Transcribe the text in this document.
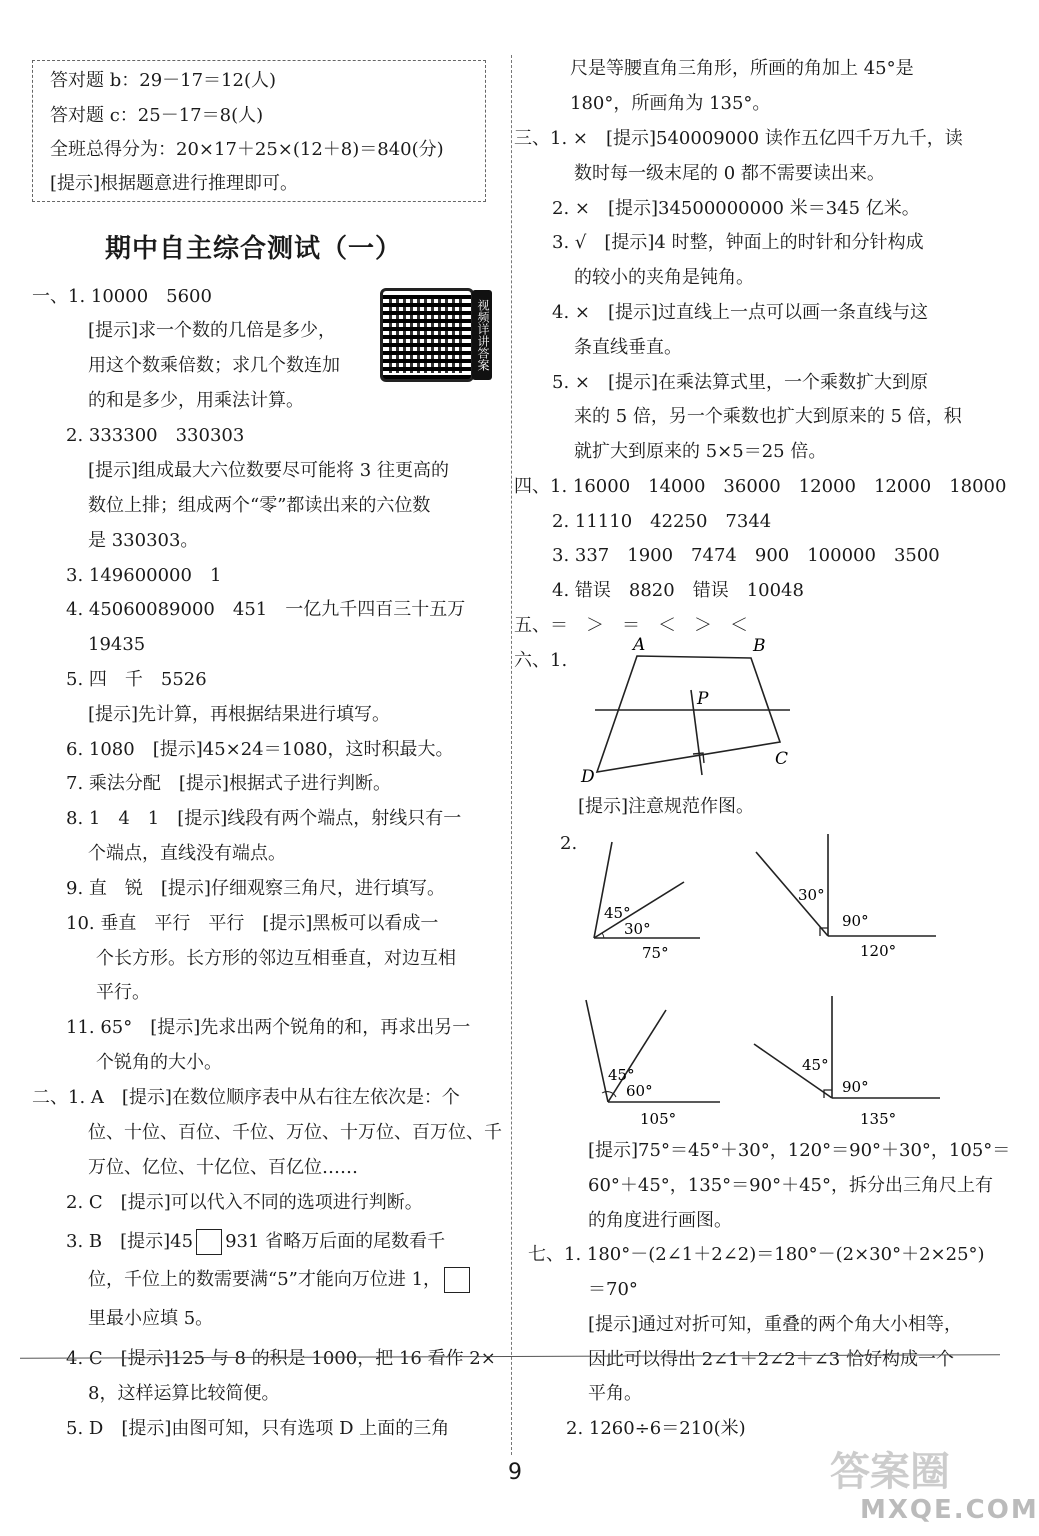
答对题 b：29－17＝12(人)
答对题 c：25－17＝8(人)
全班总得分为：20×17＋25×(12＋8)＝840(分)
[提示]根据题意进行推理即可。
期中自主综合测试（一）
视频详讲答案
一、1. 10000　5600
[提示]求一个数的几倍是多少，
用这个数乘倍数；求几个数连加
的和是多少，用乘法计算。
2. 333300　330303
[提示]组成最大六位数要尽可能将 3 往更高的
数位上排；组成两个“零”都读出来的六位数
是 330303。
3. 149600000　1
4. 45060089000　451　一亿九千四百三十五万
19435
5. 四　千　5526
[提示]先计算，再根据结果进行填写。
6. 1080　[提示]45×24＝1080，这时积最大。
7. 乘法分配　[提示]根据式子进行判断。
8. 1　4　1　[提示]线段有两个端点，射线只有一
个端点，直线没有端点。
9. 直　锐　[提示]仔细观察三角尺，进行填写。
10. 垂直　平行　平行　[提示]黑板可以看成一
个长方形。长方形的邻边互相垂直，对边互相
平行。
11. 65°　[提示]先求出两个锐角的和，再求出另一
个锐角的大小。
二、1. A　[提示]在数位顺序表中从右往左依次是：个
位、十位、百位、千位、万位、十万位、百万位、千
万位、亿位、十亿位、百亿位……
2. C　[提示]可以代入不同的选项进行判断。
3. B　[提示]45 931 省略万后面的尾数看千
位，千位上的数需要满“5”才能向万位进 1，
里最小应填 5。
4. C　[提示]125 与 8 的积是 1000，把 16 看作 2×
8，这样运算比较简便。
5. D　[提示]由图可知，只有选项 D 上面的三角
尺是等腰直角三角形，所画的角加上 45°是
180°，所画角为 135°。
三、1. ×　[提示]540009000 读作五亿四千万九千，读
数时每一级末尾的 0 都不需要读出来。
2. ×　[提示]34500000000 米＝345 亿米。
3. √　[提示]4 时整，钟面上的时针和分针构成
的较小的夹角是钝角。
4. ×　[提示]过直线上一点可以画一条直线与这
条直线垂直。
5. ×　[提示]在乘法算式里，一个乘数扩大到原
来的 5 倍，另一个乘数也扩大到原来的 5 倍，积
就扩大到原来的 5×5＝25 倍。
四、1. 16000　14000　36000　12000　12000　18000
2. 11110　42250　7344
3. 337　1900　7474　900　100000　3500
4. 错误　8820　错误　10048
五、＝　＞　＝　＜　＞　＜
六、1.
A	B
C
D
P
[提示]注意规范作图。
2.
45°
30°
75°
30°
90°
120°
45°
60°
105°
45°
90°
135°
[提示]75°＝45°＋30°，120°＝90°＋30°，105°＝
60°＋45°，135°＝90°＋45°，拆分出三角尺上有
的角度进行画图。
七、1. 180°－(2∠1＋2∠2)＝180°－(2×30°＋2×25°)
＝70°
[提示]通过对折可知，重叠的两个角大小相等，
因此可以得出 2∠1＋2∠2＋∠3 恰好构成一个
平角。
2. 1260÷6＝210(米)
9	答案圈
MXQE.COM
